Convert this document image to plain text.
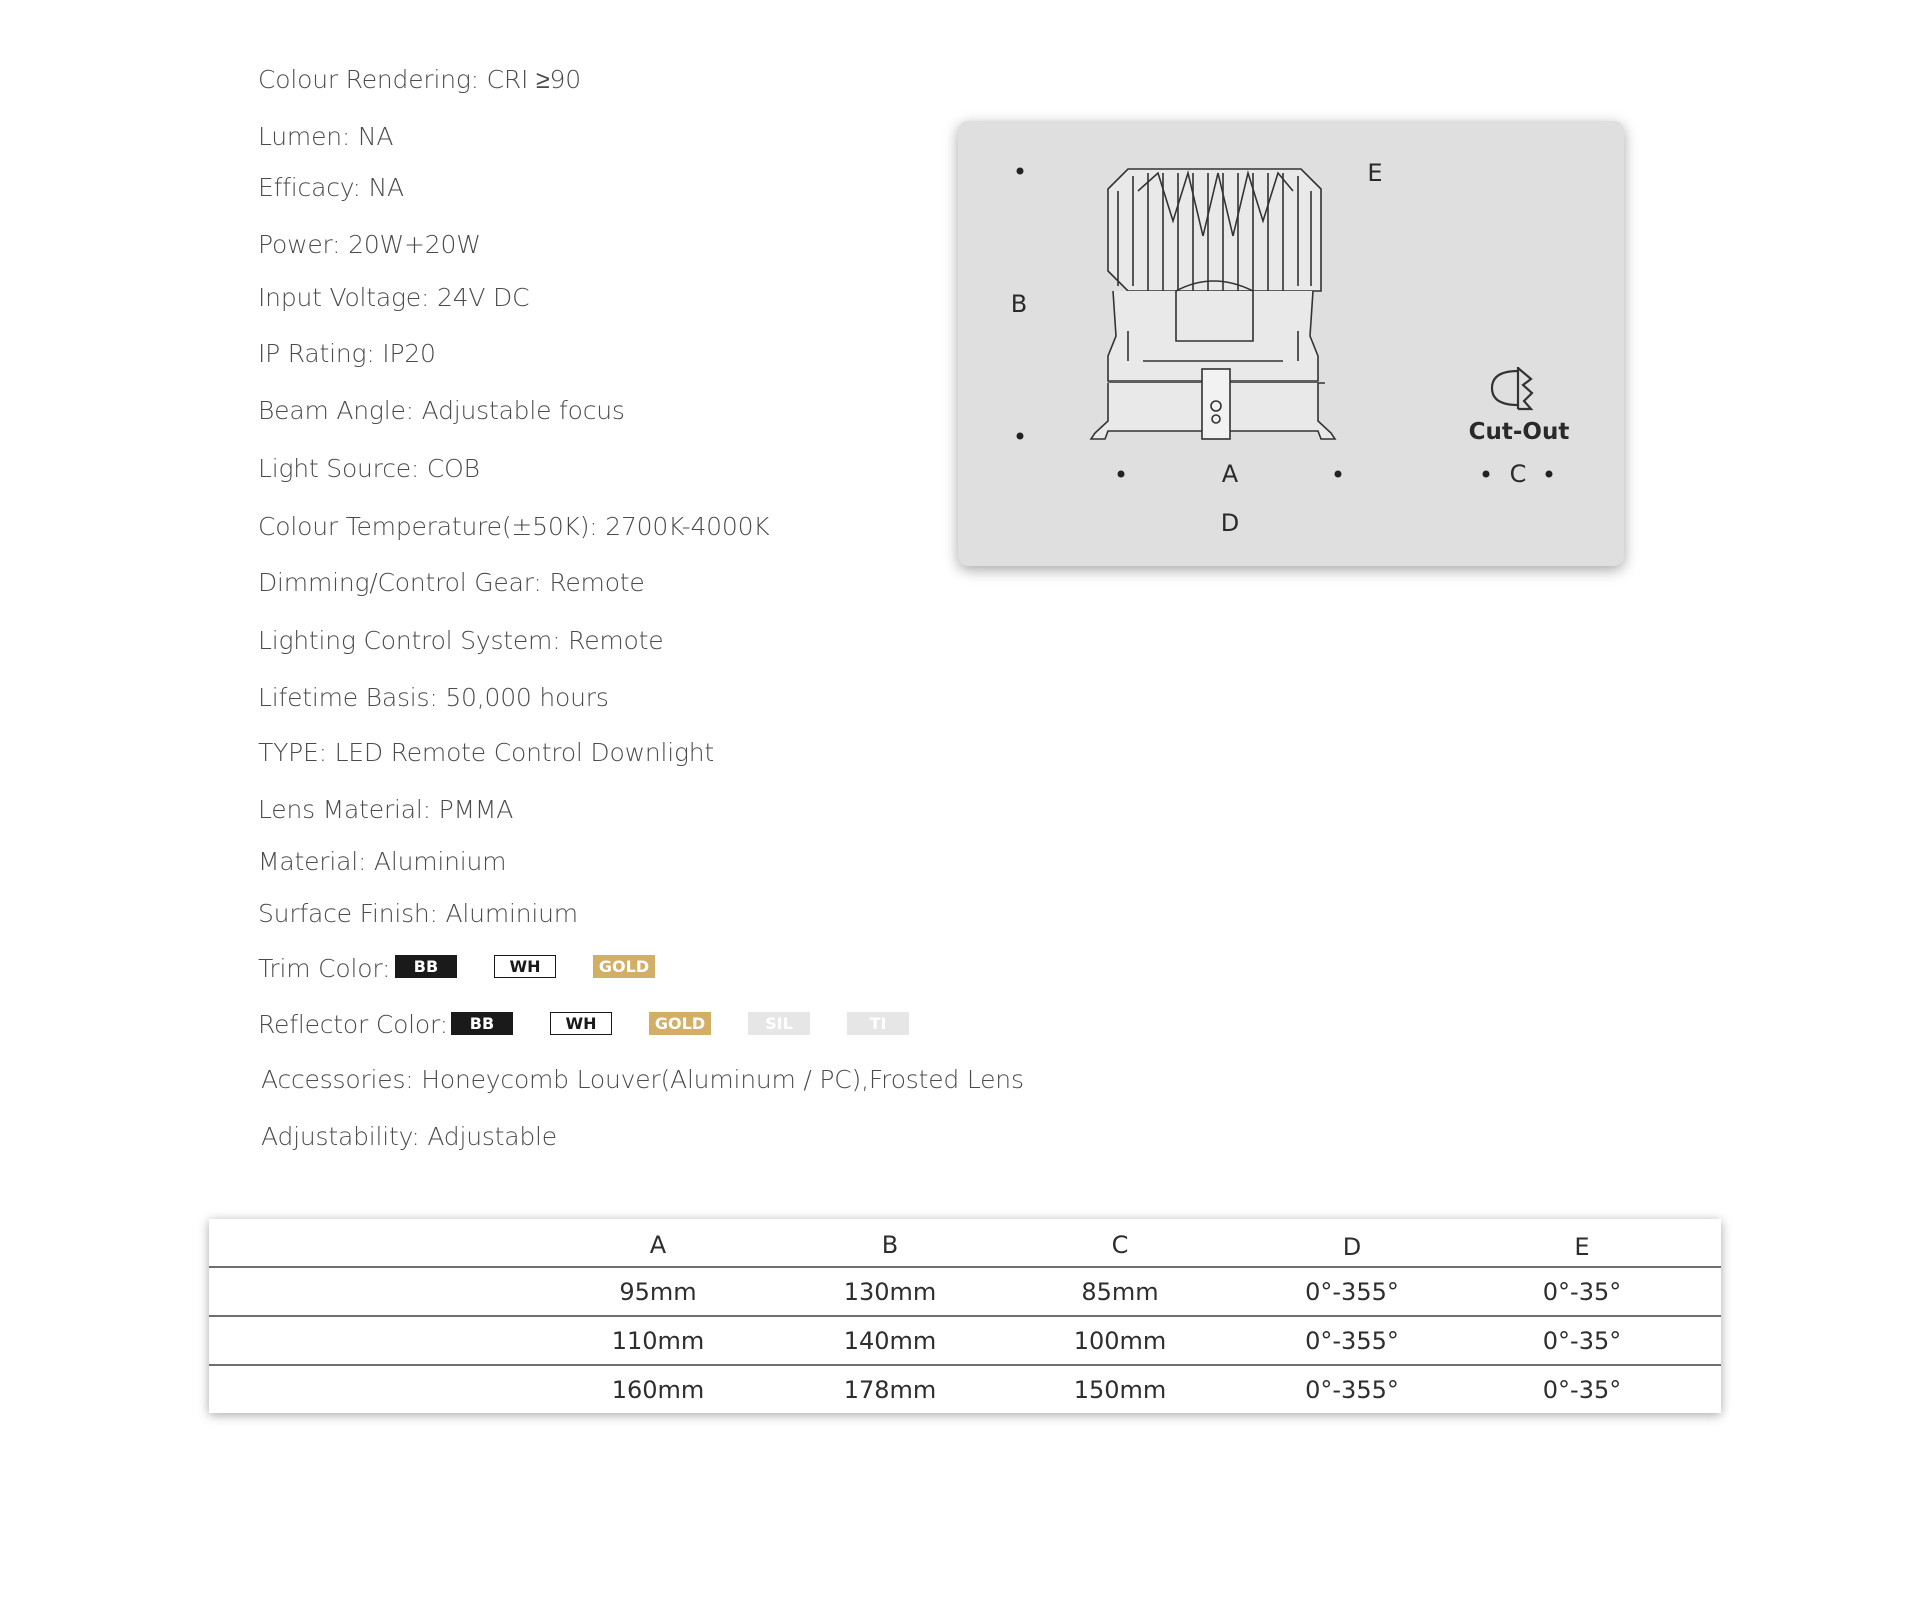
Colour Rendering: CRI ≥90
Lumen: NA
Efficacy: NA
Power: 20W+20W
Input Voltage: 24V DC
IP Rating: IP20
Beam Angle: Adjustable focus
Light Source: COB
Colour Temperature(±50K): 2700K-4000K
Dimming/Control Gear: Remote
Lighting Control System: Remote
Lifetime Basis: 50,000 hours
TYPE: LED Remote Control Downlight
Lens Material: PMMA
Material: Aluminium
Surface Finish: Aluminium
Trim Color:
Reflector Color:
Accessories: Honeycomb Louver(Aluminum / PC),Frosted Lens
Adjustability: Adjustable
BB	WH	GOLD
BB	WH	GOLD	SIL	TI
B
E
A
D
C
Cut-Out
A	B	C	D	E
95mm	130mm	85mm	0°-355°	0°-35°
110mm	140mm	100mm	0°-355°	0°-35°
160mm	178mm	150mm	0°-355°	0°-35°
